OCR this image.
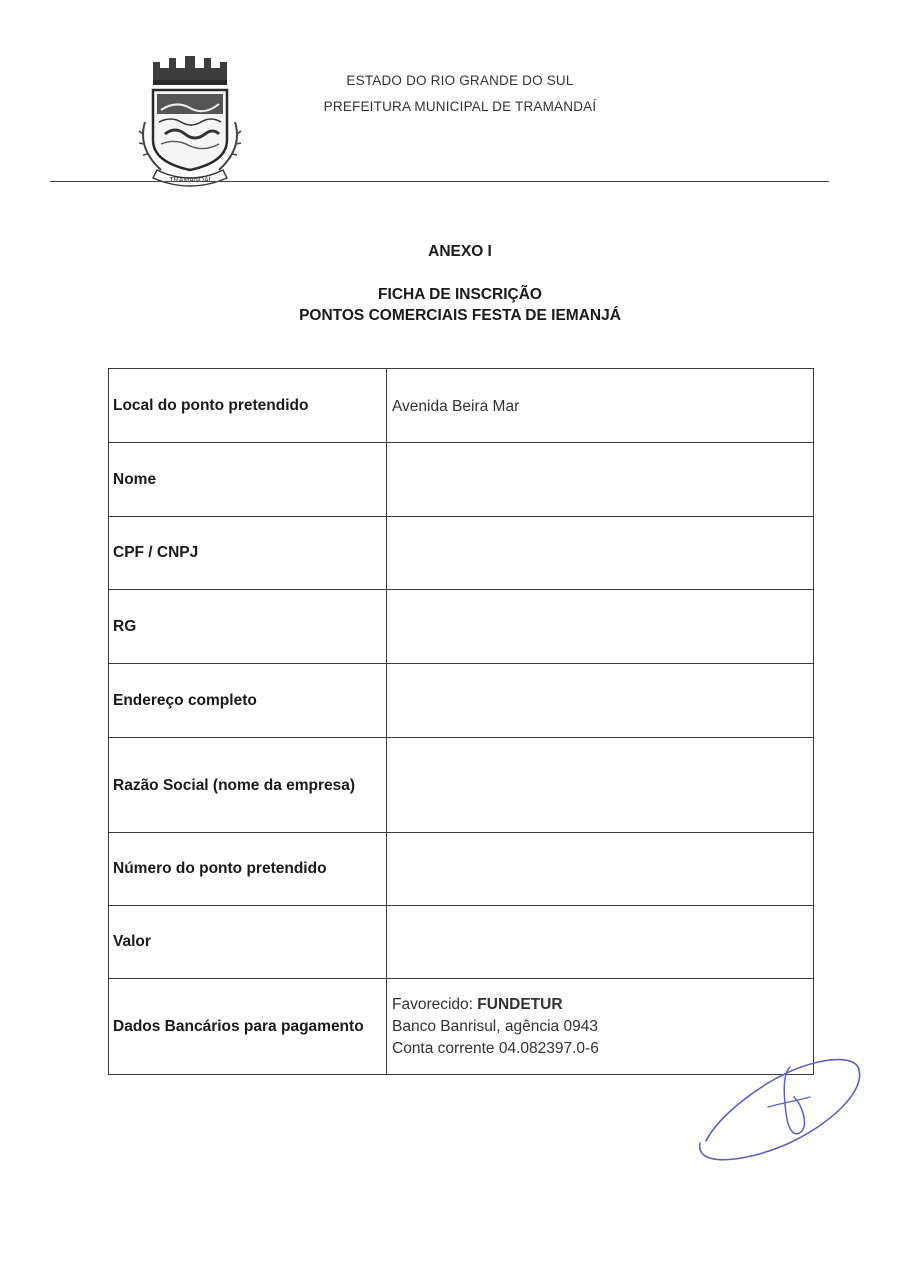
TRAMANDAÍ
ESTADO DO RIO GRANDE DO SUL
PREFEITURA MUNICIPAL DE TRAMANDAÍ
ANEXO I
FICHA DE INSCRIÇÃO
PONTOS COMERCIAIS FESTA DE IEMANJÁ
Local do ponto pretendido	Avenida Beira Mar
Nome	
CPF / CNPJ	
RG	
Endereço completo	
Razão Social (nome da empresa)	
Número do ponto pretendido	
Valor	
Dados Bancários para pagamento	Favorecido: FUNDETUR
Banco Banrisul, agência 0943
Conta corrente 04.082397.0-6
